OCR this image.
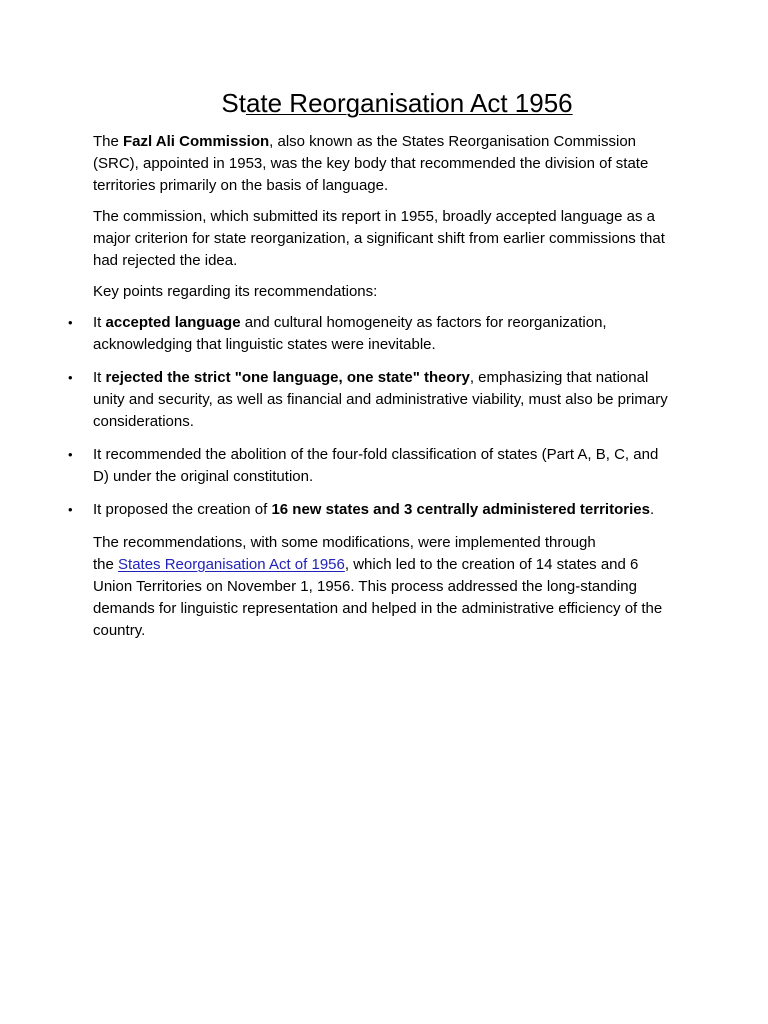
State Reorganisation Act 1956

The Fazl Ali Commission, also known as the States Reorganisation Commission (SRC), appointed in 1953, was the key body that recommended the division of state territories primarily on the basis of language.

The commission, which submitted its report in 1955, broadly accepted language as a major criterion for state reorganization, a significant shift from earlier commissions that had rejected the idea.

Key points regarding its recommendations:

• It accepted language and cultural homogeneity as factors for reorganization, acknowledging that linguistic states were inevitable.
• It rejected the strict "one language, one state" theory, emphasizing that national unity and security, as well as financial and administrative viability, must also be primary considerations.
• It recommended the abolition of the four-fold classification of states (Part A, B, C, and D) under the original constitution.
• It proposed the creation of 16 new states and 3 centrally administered territories.

The recommendations, with some modifications, were implemented through
the States Reorganisation Act of 1956, which led to the creation of 14 states and 6 Union Territories on November 1, 1956. This process addressed the long-standing demands for linguistic representation and helped in the administrative efficiency of the country.
